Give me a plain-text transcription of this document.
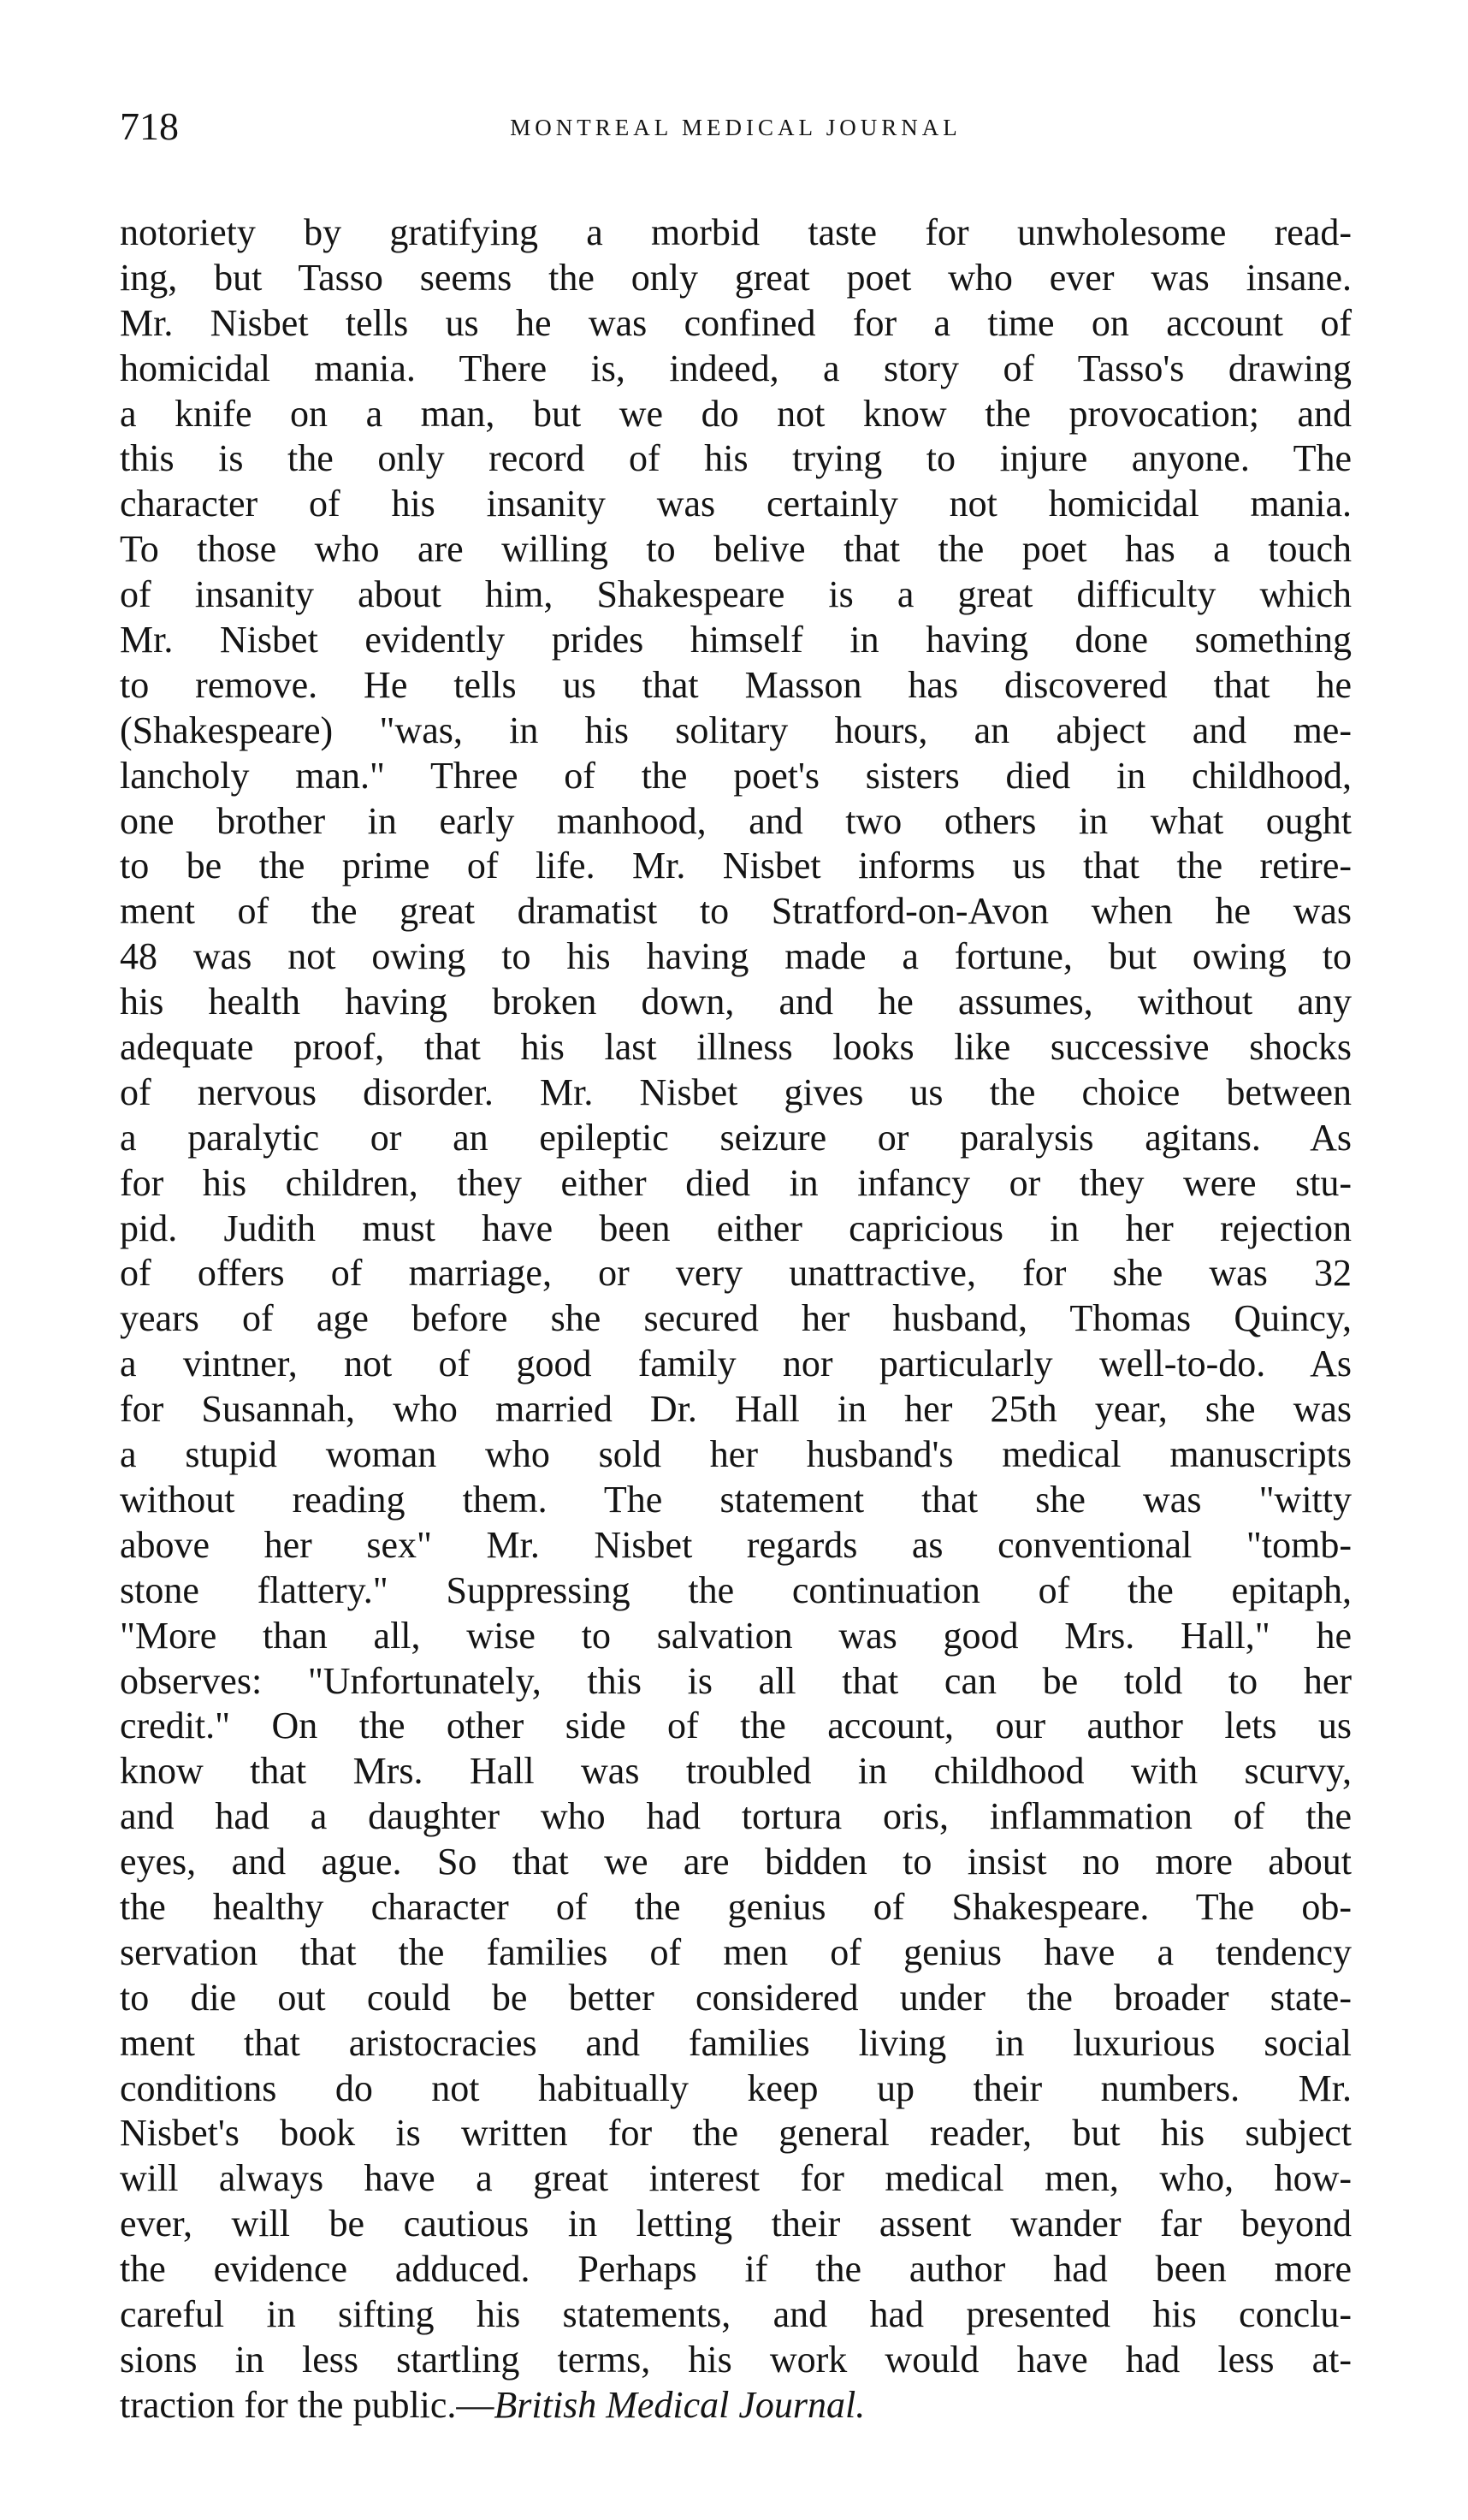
718	MONTREAL MEDICAL JOURNAL
notoriety by gratifying a morbid taste for unwholesome read-
ing, but Tasso seems the only great poet who ever was insane.
Mr. Nisbet tells us he was confined for a time on account of
homicidal mania. There is, indeed, a story of Tasso's drawing
a knife on a man, but we do not know the provocation; and
this is the only record of his trying to injure anyone. The
character of his insanity was certainly not homicidal mania.
To those who are willing to belive that the poet has a touch
of insanity about him, Shakespeare is a great difficulty which
Mr. Nisbet evidently prides himself in having done something
to remove. He tells us that Masson has discovered that he
(Shakespeare) "was, in his solitary hours, an abject and me-
lancholy man." Three of the poet's sisters died in childhood,
one brother in early manhood, and two others in what ought
to be the prime of life. Mr. Nisbet informs us that the retire-
ment of the great dramatist to Stratford-on-Avon when he was
48 was not owing to his having made a fortune, but owing to
his health having broken down, and he assumes, without any
adequate proof, that his last illness looks like successive shocks
of nervous disorder. Mr. Nisbet gives us the choice between
a paralytic or an epileptic seizure or paralysis agitans. As
for his children, they either died in infancy or they were stu-
pid. Judith must have been either capricious in her rejection
of offers of marriage, or very unattractive, for she was 32
years of age before she secured her husband, Thomas Quincy,
a vintner, not of good family nor particularly well-to-do. As
for Susannah, who married Dr. Hall in her 25th year, she was
a stupid woman who sold her husband's medical manuscripts
without reading them. The statement that she was "witty
above her sex" Mr. Nisbet regards as conventional "tomb-
stone flattery." Suppressing the continuation of the epitaph,
"More than all, wise to salvation was good Mrs. Hall," he
observes: "Unfortunately, this is all that can be told to her
credit." On the other side of the account, our author lets us
know that Mrs. Hall was troubled in childhood with scurvy,
and had a daughter who had tortura oris, inflammation of the
eyes, and ague. So that we are bidden to insist no more about
the healthy character of the genius of Shakespeare. The ob-
servation that the families of men of genius have a tendency
to die out could be better considered under the broader state-
ment that aristocracies and families living in luxurious social
conditions do not habitually keep up their numbers. Mr.
Nisbet's book is written for the general reader, but his subject
will always have a great interest for medical men, who, how-
ever, will be cautious in letting their assent wander far beyond
the evidence adduced. Perhaps if the author had been more
careful in sifting his statements, and had presented his conclu-
sions in less startling terms, his work would have had less at-
traction for the public.—British Medical Journal.
